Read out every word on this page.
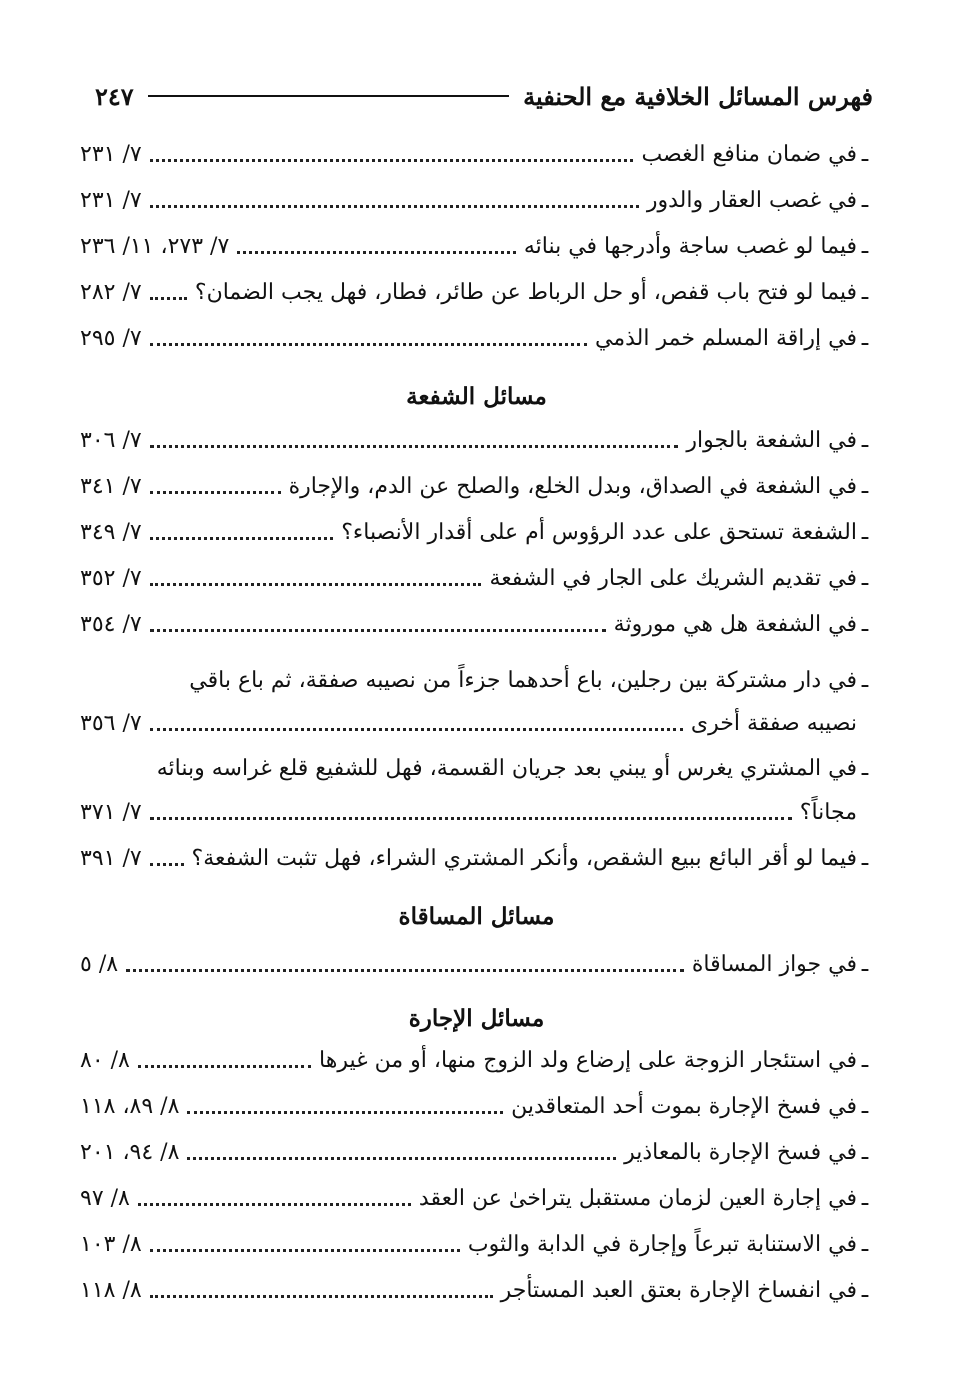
فهرس المسائل الخلافية مع الحنفية
٢٤٧
ـ
في ضمان منافع الغصب
٧/ ٢٣١
ـ
في غصب العقار والدور
٧/ ٢٣١
ـ
فيما لو غصب ساجة وأدرجها في بنائه
٧/ ٢٧٣، ١١/ ٢٣٦
ـ
فيما لو فتح باب قفص، أو حل الرباط عن طائر، فطار، فهل يجب الضمان؟
٧/ ٢٨٢
ـ
في إراقة المسلم خمر الذمي
٧/ ٢٩٥
مسائل الشفعة
ـ
في الشفعة بالجوار
٧/ ٣٠٦
ـ
في الشفعة في الصداق، وبدل الخلع، والصلح عن الدم، والإجارة
٧/ ٣٤١
ـ
الشفعة تستحق على عدد الرؤوس أم على أقدار الأنصباء؟
٧/ ٣٤٩
ـ
في تقديم الشريك على الجار في الشفعة
٧/ ٣٥٢
ـ
في الشفعة هل هي موروثة
٧/ ٣٥٤
ـ
في دار مشتركة بين رجلين، باع أحدهما جزءاً من نصيبه صفقة، ثم باع باقي
نصيبه صفقة أخرى
٧/ ٣٥٦
ـ
في المشتري يغرس أو يبني بعد جريان القسمة، فهل للشفيع قلع غراسه وبنائه
مجاناً؟
٧/ ٣٧١
ـ
فيما لو أقر البائع ببيع الشقص، وأنكر المشتري الشراء، فهل تثبت الشفعة؟
٧/ ٣٩١
مسائل المساقاة
ـ
في جواز المساقاة
٨/ ٥
مسائل الإجارة
ـ
في استئجار الزوجة على إرضاع ولد الزوج منها، أو من غيرها
٨/ ٨٠
ـ
في فسخ الإجارة بموت أحد المتعاقدين
٨/ ٨٩، ١١٨
ـ
في فسخ الإجارة بالمعاذير
٨/ ٩٤، ٢٠١
ـ
في إجارة العين لزمان مستقبل يتراخىٰ عن العقد
٨/ ٩٧
ـ
في الاستنابة تبرعاً وإجارة في الدابة والثوب
٨/ ١٠٣
ـ
في انفساخ الإجارة بعتق العبد المستأجر
٨/ ١١٨
